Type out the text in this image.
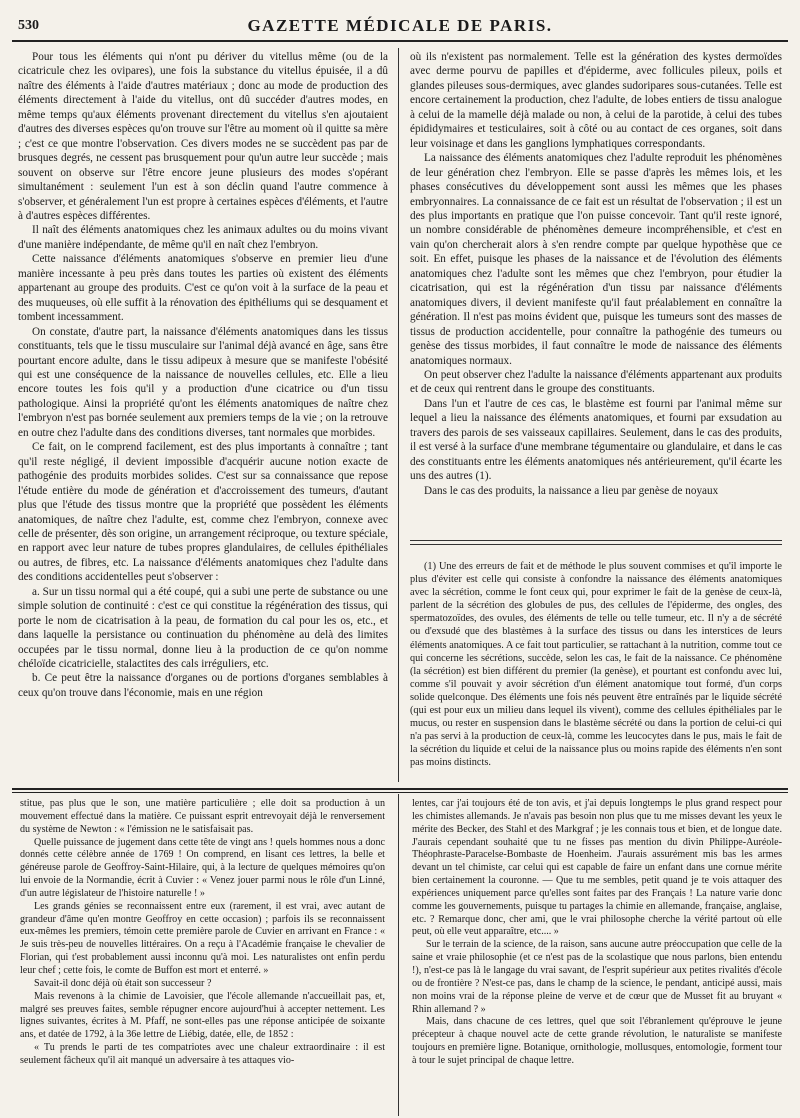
530	GAZETTE MÉDICALE DE PARIS.

Pour tous les éléments qui n'ont pu dériver du vitellus même (ou de la cicatricule chez les ovipares), une fois la substance du vitellus épuisée, il a dû naître des éléments à l'aide d'autres matériaux ; donc au mode de production des éléments directement à l'aide du vitellus, ont dû succéder d'autres modes, en même temps qu'aux éléments provenant directement du vitellus s'en ajoutaient d'autres des diverses espèces qu'on trouve sur l'être au moment où il quitte sa mère ; c'est ce que montre l'observation. Ces divers modes ne se succèdent pas par de brusques degrés, ne cessent pas brusquement pour qu'un autre leur succède ; mais souvent on observe sur l'être encore jeune plusieurs des modes s'opérant simultanément : seulement l'un est à son déclin quand l'autre commence à s'observer, et généralement l'un est propre à certaines espèces d'éléments, et l'autre à d'autres espèces différentes.

Il naît des éléments anatomiques chez les animaux adultes ou du moins vivant d'une manière indépendante, de même qu'il en naît chez l'embryon.

Cette naissance d'éléments anatomiques s'observe en premier lieu d'une manière incessante à peu près dans toutes les parties où existent des éléments appartenant au groupe des produits. C'est ce qu'on voit à la surface de la peau et des muqueuses, où elle suffit à la rénovation des épithéliums qui se desquament et tombent incessamment.

On constate, d'autre part, la naissance d'éléments anatomiques dans les tissus constituants, tels que le tissu musculaire sur l'animal déjà avancé en âge, sans être pourtant encore adulte, dans le tissu adipeux à mesure que se manifeste l'obésité qui est une conséquence de la naissance de nouvelles cellules, etc. Elle a lieu encore toutes les fois qu'il y a production d'une cicatrice ou d'un tissu pathologique. Ainsi la propriété qu'ont les éléments anatomiques de naître chez l'embryon n'est pas bornée seulement aux premiers temps de la vie ; on la retrouve en outre chez l'adulte dans des conditions diverses, tant normales que morbides.

Ce fait, on le comprend facilement, est des plus importants à connaître ; tant qu'il reste négligé, il devient impossible d'acquérir aucune notion exacte de pathogénie des produits morbides solides. C'est sur sa connaissance que repose l'étude entière du mode de génération et d'accroissement des tumeurs, d'autant plus que l'étude des tissus montre que la propriété que possèdent les éléments anatomiques, de naître chez l'adulte, est, comme chez l'embryon, connexe avec celle de présenter, dès son origine, un arrangement réciproque, ou texture spéciale, en rapport avec leur nature de tubes propres glandulaires, de cellules épithéliales ou autres, de fibres, etc. La naissance d'éléments anatomiques chez l'adulte dans des conditions accidentelles peut s'observer :

a. Sur un tissu normal qui a été coupé, qui a subi une perte de substance ou une simple solution de continuité : c'est ce qui constitue la régénération des tissus, qui porte le nom de cicatrisation à la peau, de formation du cal pour les os, etc., et dans laquelle la persistance ou continuation du phénomène au delà des limites occupées par le tissu normal, donne lieu à la production de ce qu'on nomme chéloïde cicatricielle, stalactites des cals irréguliers, etc.

b. Ce peut être la naissance d'organes ou de portions d'organes semblables à ceux qu'on trouve dans l'économie, mais en une région

où ils n'existent pas normalement. Telle est la génération des kystes dermoïdes avec derme pourvu de papilles et d'épiderme, avec follicules pileux, poils et glandes pileuses sous-dermiques, avec glandes sudoripares sous-cutanées. Telle est encore certainement la production, chez l'adulte, de lobes entiers de tissu analogue à celui de la mamelle déjà malade ou non, à celui de la parotide, à celui des tubes épididymaires et testiculaires, soit à côté ou au contact de ces organes, soit dans leur voisinage et dans les ganglions lymphatiques correspondants.

La naissance des éléments anatomiques chez l'adulte reproduit les phénomènes de leur génération chez l'embryon. Elle se passe d'après les mêmes lois, et les phases consécutives du développement sont aussi les mêmes que les phases embryonnaires. La connaissance de ce fait est un résultat de l'observation ; il est un des plus importants en pratique que l'on puisse concevoir. Tant qu'il reste ignoré, un nombre considérable de phénomènes demeure incompréhensible, et c'est en vain qu'on chercherait alors à s'en rendre compte par quelque hypothèse que ce soit. En effet, puisque les phases de la naissance et de l'évolution des éléments anatomiques chez l'adulte sont les mêmes que chez l'embryon, pour étudier la cicatrisation, qui est la régénération d'un tissu par naissance d'éléments anatomiques divers, il devient manifeste qu'il faut préalablement en connaître la génération. Il n'est pas moins évident que, puisque les tumeurs sont des masses de tissus de production accidentelle, pour connaître la pathogénie des tumeurs ou genèse des tissus morbides, il faut connaître le mode de naissance des éléments anatomiques normaux.

On peut observer chez l'adulte la naissance d'éléments appartenant aux produits et de ceux qui rentrent dans le groupe des constituants.

Dans l'un et l'autre de ces cas, le blastème est fourni par l'animal même sur lequel a lieu la naissance des éléments anatomiques, et fourni par exsudation au travers des parois de ses vaisseaux capillaires. Seulement, dans le cas des produits, il est versé à la surface d'une membrane tégumentaire ou glandulaire, et dans le cas des constituants entre les éléments anatomiques nés antérieurement, qu'il écarte les uns des autres (1).

Dans le cas des produits, la naissance a lieu par genèse de noyaux

(1) Une des erreurs de fait et de méthode le plus souvent commises et qu'il importe le plus d'éviter est celle qui consiste à confondre la naissance des éléments anatomiques avec la sécrétion, comme le font ceux qui, pour exprimer le fait de la genèse de ceux-là, parlent de la sécrétion des globules de pus, des cellules de l'épiderme, des ongles, des spermatozoïdes, des ovules, des éléments de telle ou telle tumeur, etc. Il n'y a de sécrété ou d'exsudé que des blastèmes à la surface des tissus ou dans les interstices de leurs éléments anatomiques. A ce fait tout particulier, se rattachant à la nutrition, comme tout ce qui concerne les sécrétions, succède, selon les cas, le fait de la naissance. Ce phénomène (la sécrétion) est bien différent du premier (la genèse), et pourtant est confondu avec lui, comme s'il pouvait y avoir sécrétion d'un élément anatomique tout formé, d'un corps solide quelconque. Des éléments une fois nés peuvent être entraînés par le liquide sécrété (qui est pour eux un milieu dans lequel ils vivent), comme des cellules épithéliales par le mucus, ou rester en suspension dans le blastème sécrété ou dans la portion de celui-ci qui n'a pas servi à la production de ceux-là, comme les leucocytes dans le pus, mais le fait de la sécrétion du liquide et celui de la naissance plus ou moins rapide des éléments n'en sont pas moins distincts.

stitue, pas plus que le son, une matière particulière ; elle doit sa production à un mouvement effectué dans la matière. Ce puissant esprit entrevoyait déjà le renversement du système de Newton : « l'émission ne le satisfaisait pas.

Quelle puissance de jugement dans cette tête de vingt ans ! quels hommes nous a donc donnés cette célèbre année de 1769 ! On comprend, en lisant ces lettres, la belle et généreuse parole de Geoffroy-Saint-Hilaire, qui, à la lecture de quelques mémoires qu'on lui envoie de la Normandie, écrit à Cuvier : « Venez jouer parmi nous le rôle d'un Linné, d'un autre législateur de l'histoire naturelle ! »

Les grands génies se reconnaissent entre eux (rarement, il est vrai, avec autant de grandeur d'âme qu'en montre Geoffroy en cette occasion) ; parfois ils se reconnaissent eux-mêmes les premiers, témoin cette première parole de Cuvier en arrivant en France : « Je suis très-peu de nouvelles littéraires. On a reçu à l'Académie française le chevalier de Florian, qui t'est probablement aussi inconnu qu'à moi. Les naturalistes ont enfin perdu leur chef ; cette fois, le comte de Buffon est mort et enterré. »

Savait-il donc déjà où était son successeur ?

Mais revenons à la chimie de Lavoisier, que l'école allemande n'accueillait pas, et, malgré ses preuves faites, semble répugner encore aujourd'hui à accepter nettement. Les lignes suivantes, écrites à M. Pfaff, ne sont-elles pas une réponse anticipée de soixante ans, et datée de 1792, à la 36e lettre de Liébig, datée, elle, de 1852 :

« Tu prends le parti de tes compatriotes avec une chaleur extraordinaire : il est seulement fâcheux qu'il ait manqué un adversaire à tes attaques vio-

lentes, car j'ai toujours été de ton avis, et j'ai depuis longtemps le plus grand respect pour les chimistes allemands. Je n'avais pas besoin non plus que tu me misses devant les yeux le mérite des Becker, des Stahl et des Markgraf ; je les connais tous et bien, et de longue date. J'aurais cependant souhaité que tu ne fisses pas mention du divin Philippe-Auréole-Théophraste-Paracelse-Bombaste de Hoenheim. J'aurais assurément mis bas les armes devant un tel chimiste, car celui qui est capable de faire un enfant dans une cornue mérite bien certainement la couronne. — Que tu me sembles, petit quand je te vois attaquer des expériences uniquement parce qu'elles sont faites par des Français ! La nature varie donc comme les gouvernements, puisque tu partages la chimie en allemande, française, anglaise, etc. ? Remarque donc, cher ami, que le vrai philosophe cherche la vérité partout où elle peut, où elle veut apparaître, etc.... »

Sur le terrain de la science, de la raison, sans aucune autre préoccupation que celle de la saine et vraie philosophie (et ce n'est pas de la scolastique que nous parlons, bien entendu !), n'est-ce pas là le langage du vrai savant, de l'esprit supérieur aux petites rivalités d'école ou de frontière ? N'est-ce pas, dans le champ de la science, le pendant, anticipé aussi, mais non moins vrai de la réponse pleine de verve et de cœur que de Musset fit au bruyant « Rhin allemand ? »

Mais, dans chacune de ces lettres, quel que soit l'ébranlement qu'éprouve le jeune précepteur à chaque nouvel acte de cette grande révolution, le naturaliste se manifeste toujours en première ligne. Botanique, ornithologie, mollusques, entomologie, forment tour à tour le sujet principal de chaque lettre.
